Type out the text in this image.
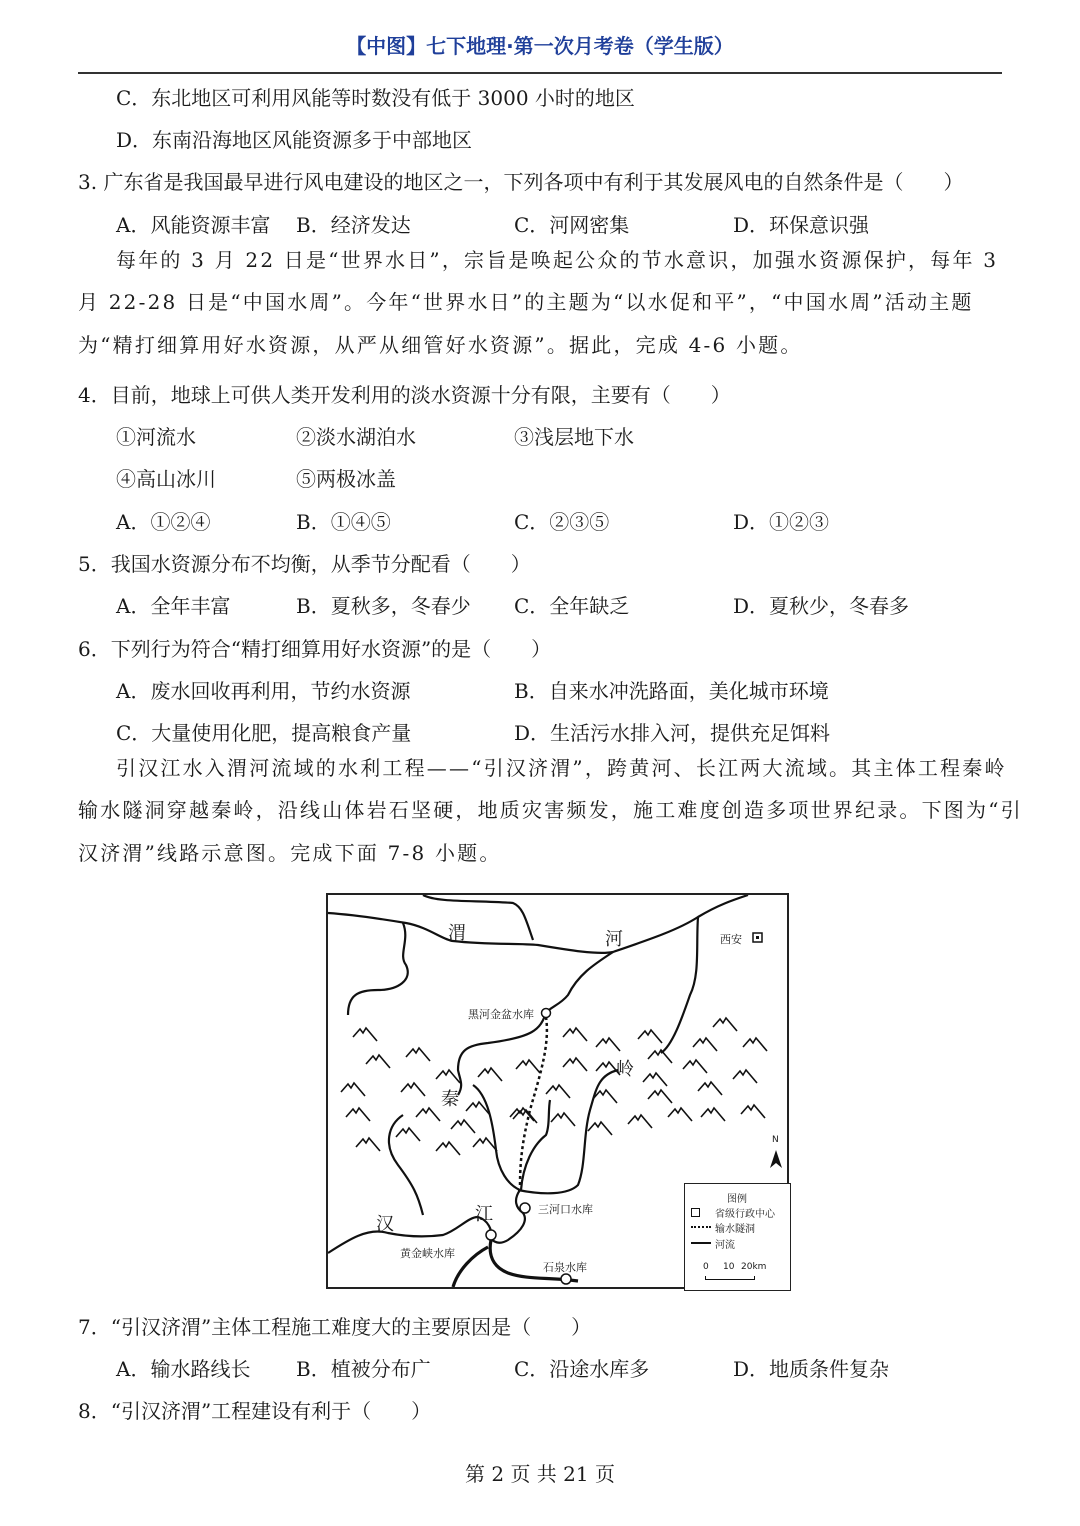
【中图】七下地理·第一次月考卷（学生版）
C．东北地区可利用风能等时数没有低于 3000 小时的地区
D．东南沿海地区风能资源多于中部地区
3. 广东省是我国最早进行风电建设的地区之一，下列各项中有利于其发展风电的自然条件是（　　）
A．风能资源丰富 B．经济发达	C．河网密集	D．环保意识强
每年的 3 月 22 日是“世界水日”，宗旨是唤起公众的节水意识，加强水资源保护，每年 3
月 22-28 日是“中国水周”。今年“世界水日”的主题为“以水促和平”，“中国水周”活动主题
为“精打细算用好水资源，从严从细管好水资源”。据此，完成 4-6 小题。
4．目前，地球上可供人类开发利用的淡水资源十分有限，主要有（　　）
①河流水	②淡水湖泊水	③浅层地下水
④高山冰川	⑤两极冰盖
A．①②④	B．①④⑤	C．②③⑤	D．①②③
5．我国水资源分布不均衡，从季节分配看（　　）
A．全年丰富	B．夏秋多，冬春少 C．全年缺乏	D．夏秋少，冬春多
6．下列行为符合“精打细算用好水资源”的是（　　）
A．废水回收再利用，节约水资源	B．自来水冲洗路面，美化城市环境
C．大量使用化肥，提高粮食产量	D．生活污水排入河，提供充足饵料
引汉江水入渭河流域的水利工程——“引汉济渭”，跨黄河、长江两大流域。其主体工程秦岭
输水隧洞穿越秦岭，沿线山体岩石坚硬，地质灾害频发，施工难度创造多项世界纪录。下图为“引
汉济渭”线路示意图。完成下面 7-8 小题。
渭	河	西安
黑河金盆水库
秦
岭
汉	江	三河口水库
黄金峡水库
石泉水库
N
图例
省级行政中心
输水隧洞
河流
0 10 20km
7．“引汉济渭”主体工程施工难度大的主要原因是（　　）
A．输水路线长 B．植被分布广	C．沿途水库多	D．地质条件复杂
8．“引汉济渭”工程建设有利于（　　）
第 2 页 共 21 页
